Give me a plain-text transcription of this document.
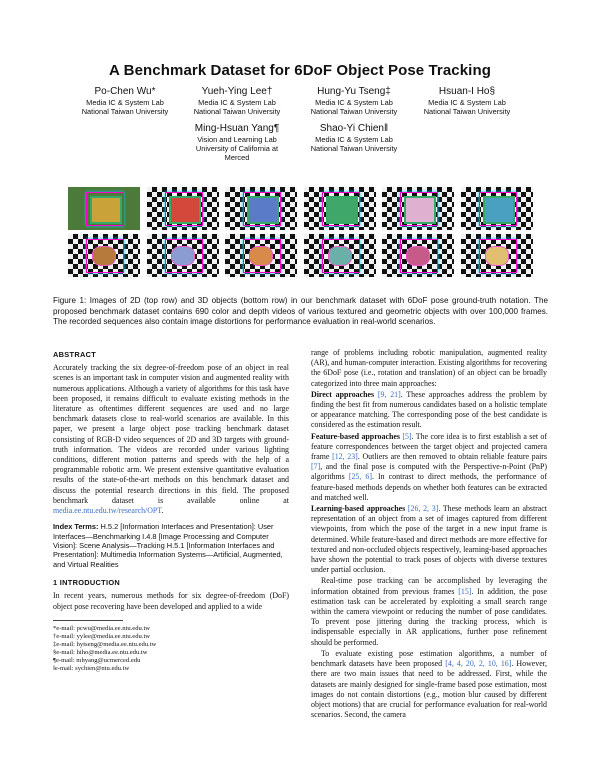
A Benchmark Dataset for 6DoF Object Pose Tracking
Po-Chen Wu*
Media IC & System Lab
National Taiwan University
Yueh-Ying Lee†
Media IC & System Lab
National Taiwan University
Hung-Yu Tseng‡
Media IC & System Lab
National Taiwan University
Hsuan-I Ho§
Media IC & System Lab
National Taiwan University
Ming-Hsuan Yang¶
Vision and Learning Lab
University of California at
Merced
Shao-Yi Chien‖
Media IC & System Lab
National Taiwan University
Figure 1: Images of 2D (top row) and 3D objects (bottom row) in our benchmark dataset with 6DoF pose ground-truth notation. The proposed benchmark dataset contains 690 color and depth videos of various textured and geometric objects with over 100,000 frames. The recorded sequences also contain image distortions for performance evaluation in real-world scenarios.
ABSTRACT

Accurately tracking the six degree-of-freedom pose of an object in real scenes is an important task in computer vision and augmented reality with numerous applications. Although a variety of algorithms for this task have been proposed, it remains difficult to evaluate existing methods in the literature as oftentimes different sequences are used and no large benchmark datasets close to real-world scenarios are available. In this paper, we present a large object pose tracking benchmark dataset consisting of RGB-D video sequences of 2D and 3D targets with ground-truth information. The videos are recorded under various lighting conditions, different motion patterns and speeds with the help of a programmable robotic arm. We present extensive quantitative evaluation results of the state-of-the-art methods on this benchmark dataset and discuss the potential research directions in this field. The proposed benchmark dataset is available online at media.ee.ntu.edu.tw/research/OPT.

Index Terms: H.5.2 [Information Interfaces and Presentation]: User Interfaces—Benchmarking I.4.8 [Image Processing and Computer Vision]: Scene Analysis—Tracking H.5.1 [Information Interfaces and Presentation]: Multimedia Information Systems—Artificial, Augmented, and Virtual Realities
1 INTRODUCTION

In recent years, numerous methods for six degree-of-freedom (DoF) object pose recovering have been developed and applied to a wide

*e-mail: pcwu@media.ee.ntu.edu.tw
†e-mail: yylee@media.ee.ntu.edu.tw
‡e-mail: hytseng@media.ee.ntu.edu.tw
§e-mail: hiho@media.ee.ntu.edu.tw
¶e-mail: mhyang@ucmerced.edu
‖e-mail: sychien@ntu.edu.tw

range of problems including robotic manipulation, augmented reality (AR), and human-computer interaction. Existing algorithms for recovering the 6DoF pose (i.e., rotation and translation) of an object can be broadly categorized into three main approaches:

Direct approaches [9, 21]. These approaches address the problem by finding the best fit from numerous candidates based on a holistic template or appearance matching. The corresponding pose of the best candidate is considered as the estimation result.

Feature-based approaches [5]. The core idea is to first establish a set of feature correspondences between the target object and projected camera frame [12, 23]. Outliers are then removed to obtain reliable feature pairs [7], and the final pose is computed with the Perspective-n-Point (PnP) algorithms [25, 6]. In contrast to direct methods, the performance of feature-based methods depends on whether both features can be extracted and matched well.

Learning-based approaches [26, 2, 3]. These methods learn an abstract representation of an object from a set of images captured from different viewpoints, from which the pose of the target in a new input frame is determined. While feature-based and direct methods are more effective for textured and non-occluded objects respectively, learning-based approaches have shown the potential to track poses of objects with diverse textures under partial occlusion.

Real-time pose tracking can be accomplished by leveraging the information obtained from previous frames [15]. In addition, the pose estimation task can be accelerated by exploiting a small search range within the camera viewpoint or reducing the number of pose candidates. To prevent pose jittering during the tracking process, which is indispensable especially in AR applications, further pose refinement should be performed.

To evaluate existing pose estimation algorithms, a number of benchmark datasets have been proposed [4, 4, 20, 2, 10, 16]. However, there are two main issues that need to be addressed. First, while the datasets are mainly designed for single-frame based pose estimation, most images do not contain distortions (e.g., motion blur caused by different object motions) that are crucial for performance evaluation for real-world scenarios. Second, the camera
